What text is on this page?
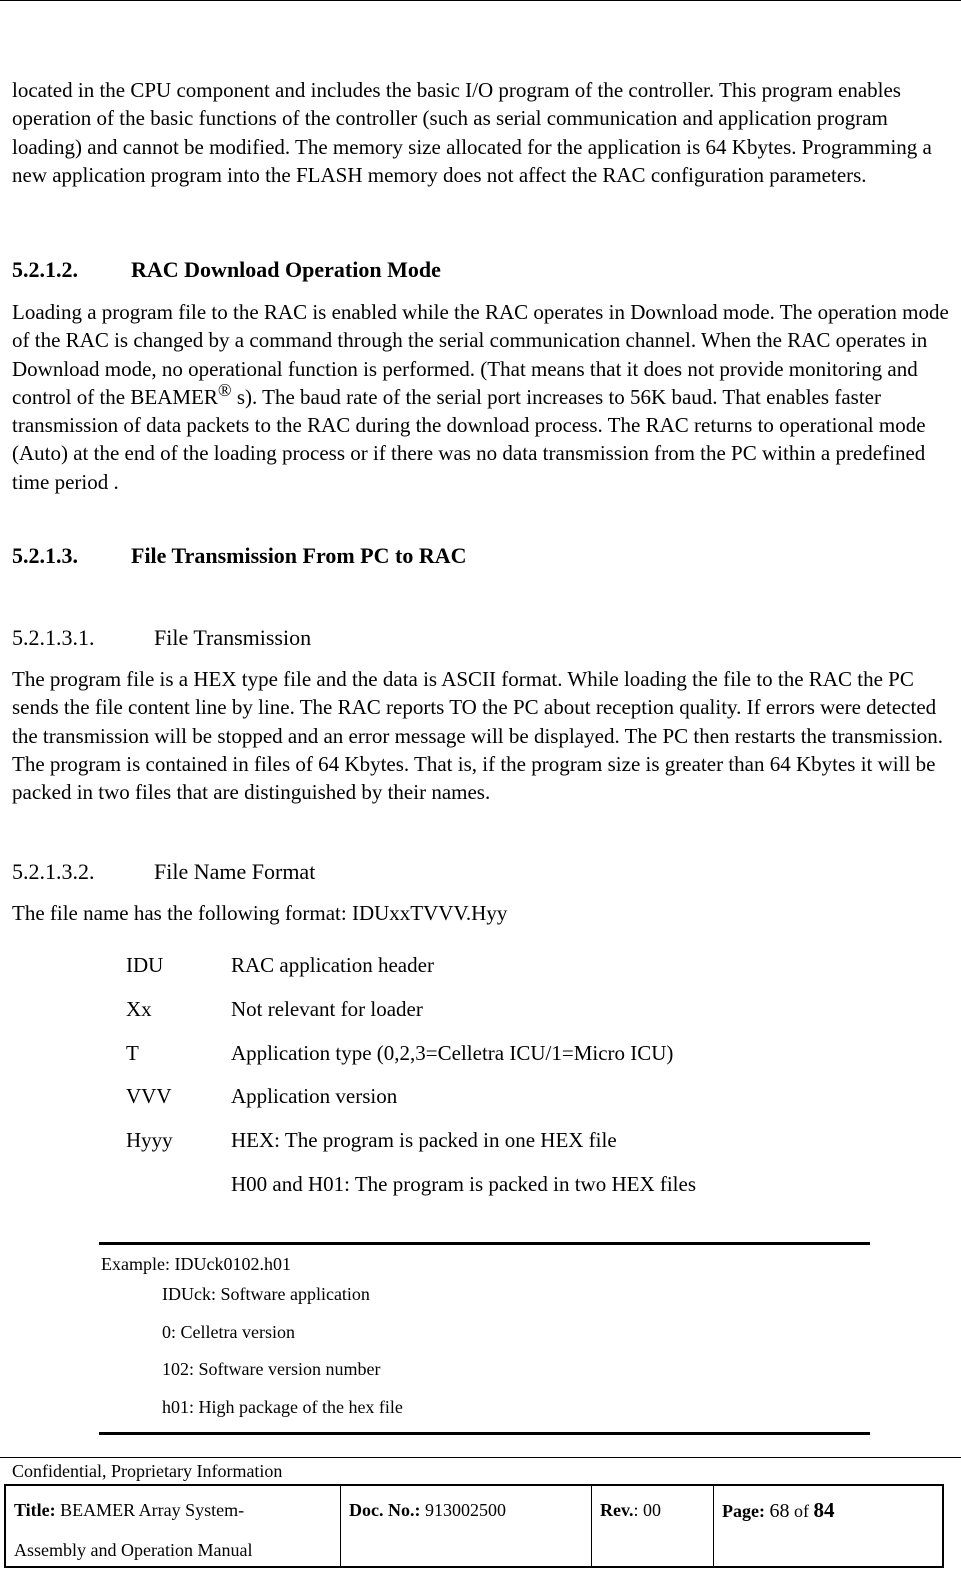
located in the CPU component and includes the basic I/O program of the controller. This program enables operation of the basic functions of the controller (such as serial communication and application program loading) and cannot be modified. The memory size allocated for the application is 64 Kbytes. Programming a new application program into the FLASH memory does not affect the RAC configuration parameters.

5.2.1.2. RAC Download Operation Mode

Loading a program file to the RAC is enabled while the RAC operates in Download mode. The operation mode of the RAC is changed by a command through the serial communication channel. When the RAC operates in Download mode, no operational function is performed. (That means that it does not provide monitoring and control of the BEAMER® s). The baud rate of the serial port increases to 56K baud. That enables faster transmission of data packets to the RAC during the download process. The RAC returns to operational mode (Auto) at the end of the loading process or if there was no data transmission from the PC within a predefined time period .

5.2.1.3. File Transmission From PC to RAC
5.2.1.3.1.	File Transmission

The program file is a HEX type file and the data is ASCII format. While loading the file to the RAC the PC sends the file content line by line. The RAC reports TO the PC about reception quality. If errors were detected the transmission will be stopped and an error message will be displayed. The PC then restarts the transmission. The program is contained in files of 64 Kbytes. That is, if the program size is greater than 64 Kbytes it will be packed in two files that are distinguished by their names.

5.2.1.3.2.	File Name Format

The file name has the following format: IDUxxTVVV.Hyy

IDU	RAC application header
Xx	Not relevant for loader
T	Application type (0,2,3=Celletra ICU/1=Micro ICU)
VVV	Application version
Hyyy	HEX: The program is packed in one HEX file
H00 and H01: The program is packed in two HEX files
Example: IDUck0102.h01
IDUck: Software application
0: Celletra version
102: Software version number
h01: High package of the hex file
Confidential, Proprietary Information
Title: BEAMER Array System-
Assembly and Operation Manual
Doc. No.: 913002500	Rev.: 00	Page: 68 of 84
